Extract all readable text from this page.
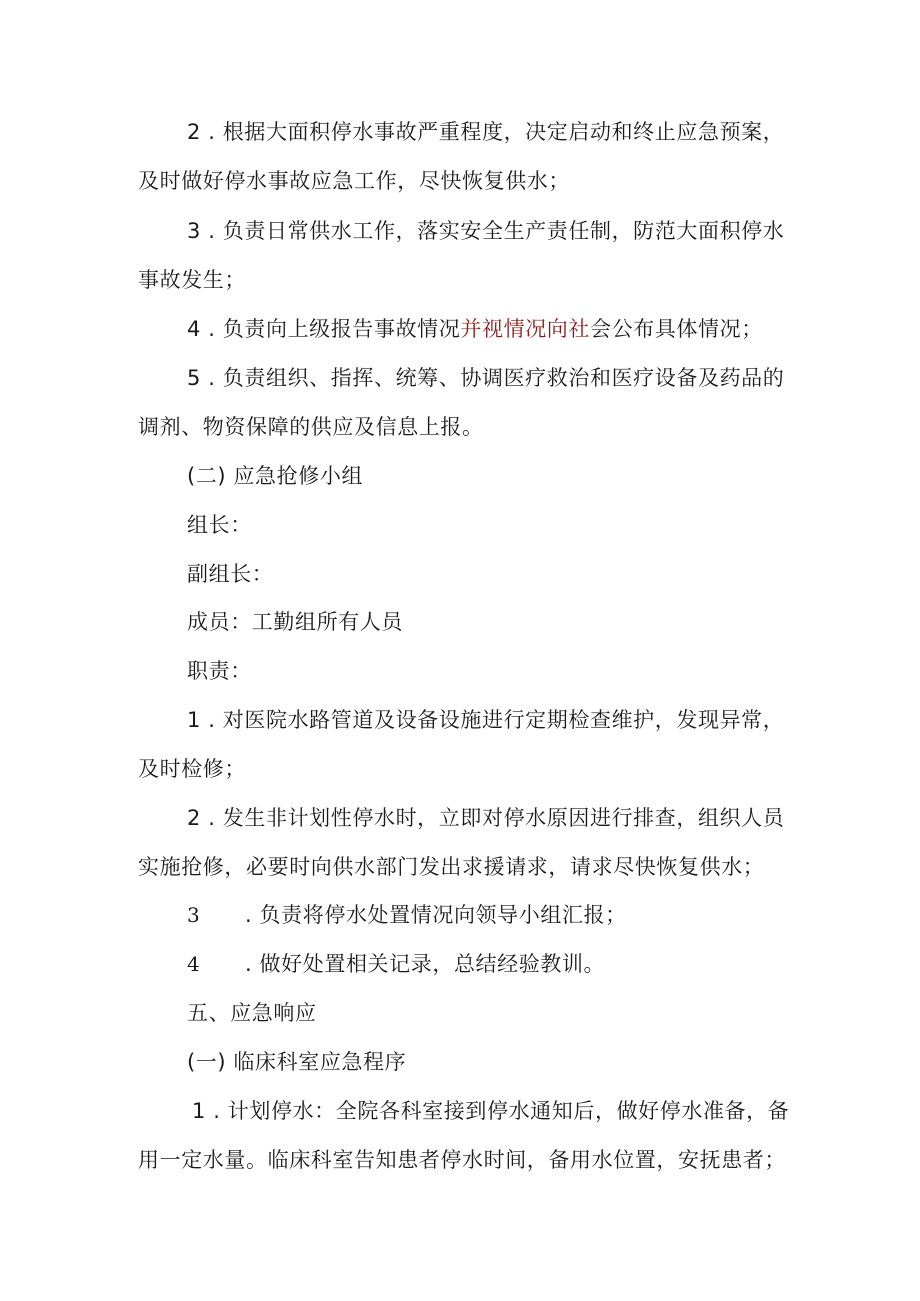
2 . 根据大面积停水事故严重程度，决定启动和终止应急预案，
及时做好停水事故应急工作，尽快恢复供水；
3 . 负责日常供水工作，落实安全生产责任制，防范大面积停水
事故发生；
4 . 负责向上级报告事故情况并视情况向社会公布具体情况；
5 . 负责组织、指挥、统筹、协调医疗救治和医疗设备及药品的
调剂、物资保障的供应及信息上报。
(二) 应急抢修小组
组长：
副组长：
成员：工勤组所有人员
职责：
1 . 对医院水路管道及设备设施进行定期检查维护，发现异常，
及时检修；
2 . 发生非计划性停水时，立即对停水原因进行排查，组织人员
实施抢修，必要时向供水部门发出求援请求，请求尽快恢复供水；
3 . 负责将停水处置情况向领导小组汇报；
4 . 做好处置相关记录，总结经验教训。
五、应急响应
(一) 临床科室应急程序
1 . 计划停水：全院各科室接到停水通知后，做好停水准备，备
用一定水量。临床科室告知患者停水时间，备用水位置，安抚患者；
